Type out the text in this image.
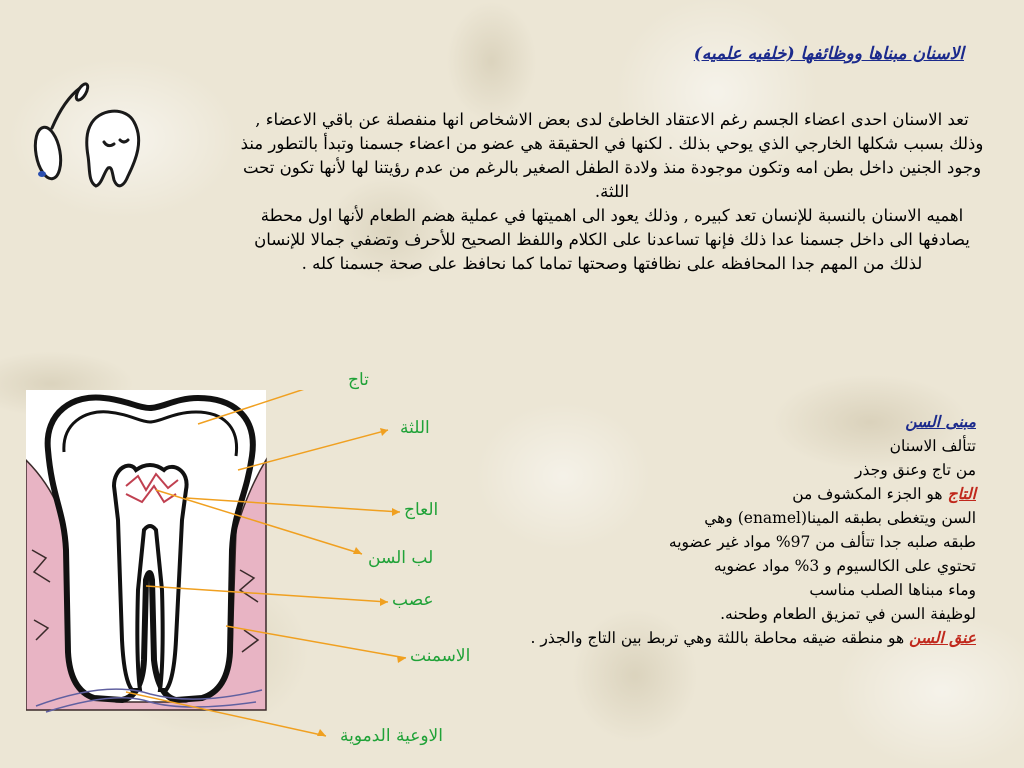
الاسنان مبناها ووظائفها (خلفيه علميه)

تعد الاسنان احدى اعضاء الجسم رغم الاعتقاد الخاطئ لدى بعض الاشخاص انها منفصلة عن باقي الاعضاء , وذلك بسبب شكلها الخارجي الذي يوحي بذلك . لكنها في الحقيقة هي عضو من اعضاء جسمنا وتبدأ بالتطور منذ وجود الجنين داخل بطن امه وتكون موجودة منذ ولادة الطفل الصغير بالرغم من عدم رؤيتنا لها لأنها تكون تحت اللثة.

اهميه الاسنان بالنسبة للإنسان تعد كبيره , وذلك يعود الى اهميتها في عملية هضم الطعام لأنها اول محطة يصادفها الى داخل جسمنا عدا ذلك فإنها تساعدنا على الكلام واللفظ الصحيح للأحرف وتضفي جمالا للإنسان لذلك من المهم جدا المحافظه على نظافتها وصحتها تماما كما نحافظ على صحة جسمنا كله .

تاج
اللثة
العاج
لب السن
عصب
الاسمنت
الاوعية الدموية

مبنى السن

تتألف الاسنان

من تاج وعنق وجذر

التاج هو الجزء المكشوف من

السن ويتغطى بطبقه المينا(enamel) وهي

طبقه صلبه جدا تتألف من 97% مواد غير عضويه

تحتوي على الكالسيوم و 3% مواد عضويه

وماء مبناها الصلب مناسب

لوظيفة السن في تمزيق الطعام وطحنه.

عنق السن هو منطقه ضيقه محاطة باللثة وهي تربط بين التاج والجذر .
